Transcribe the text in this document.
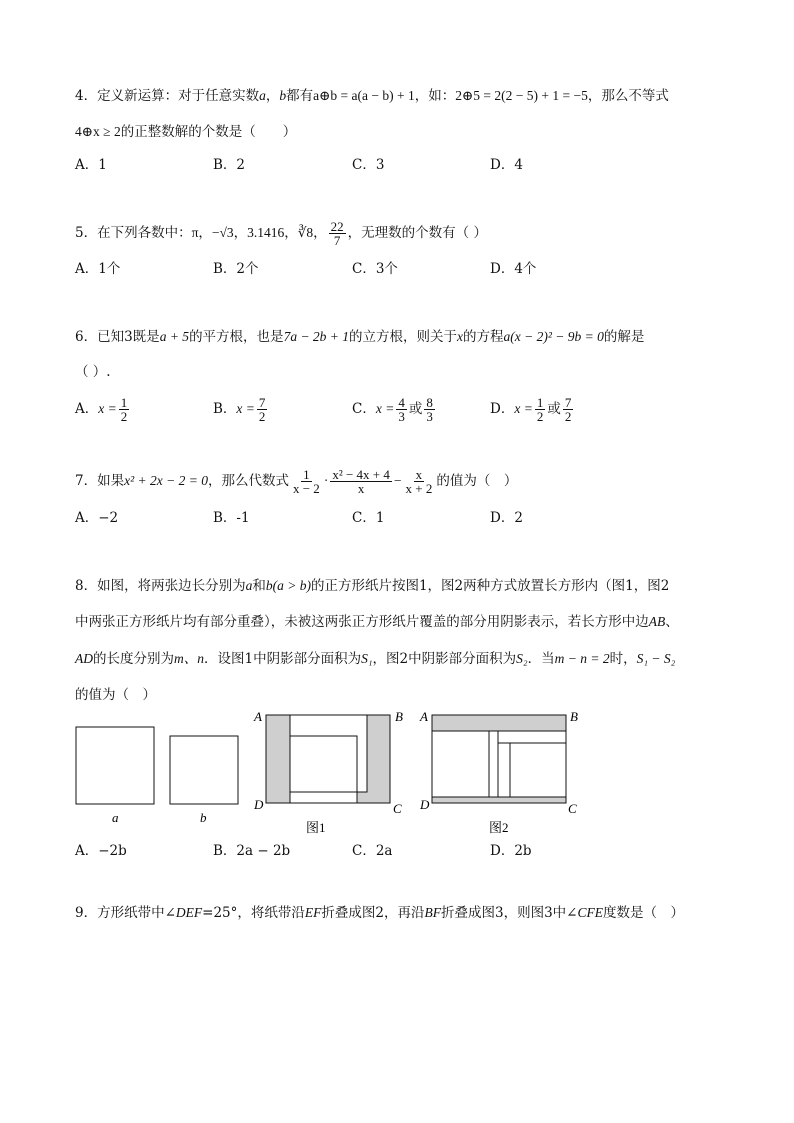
4．定义新运算：对于任意实数a，b都有a⊕b = a(a − b) + 1，如：2⊕5 = 2(2 − 5) + 1 = −5，那么不等式
4⊕x ≥ 2的正整数解的个数是（　　）
A．1	B．2	C．3	D．4
5．在下列各数中：π，−√3，3.1416，∛8， $\frac{22}{7}$ ，无理数的个数有（ ）
A．1个	B．2个	C．3个	D．4个
6．已知3既是a + 5的平方根，也是7a − 2b + 1的立方根，则关于x的方程a(x − 2)² − 9b = 0的解是
（ ）.
A．$x = \frac{1}{2}$	B．$x = \frac{7}{2}$	C．$x = \frac{4}{3}$ 或 $\frac{8}{3}$	D．$x = \frac{1}{2}$ 或 $\frac{7}{2}$
7．如果x² + 2x − 2 = 0，那么代数式 $\frac{1}{x - 2} \cdot \frac{\text{x² − 4x + 4}}{x} - \frac{x}{x + 2}$ 的值为（　）
A．−2	B．-1	C．1	D．2
8．如图，将两张边长分别为a和b(a > b)的正方形纸片按图1，图2两种方式放置长方形内（图1，图2
中两张正方形纸片均有部分重叠），未被这两张正方形纸片覆盖的部分用阴影表示，若长方形中边AB、
AD的长度分别为m、n．设图1中阴影部分面积为S₁，图2中阴影部分面积为S₂．当m − n = 2时，S₁ − S₂
的值为（　）
a	b
A	B
C
D
图1
A	B
C
D
图2
A．−2b	B．2a − 2b	C．2a	D．2b
9．方形纸带中∠DEF=25°，将纸带沿EF折叠成图2，再沿BF折叠成图3，则图3中∠CFE度数是（　）
